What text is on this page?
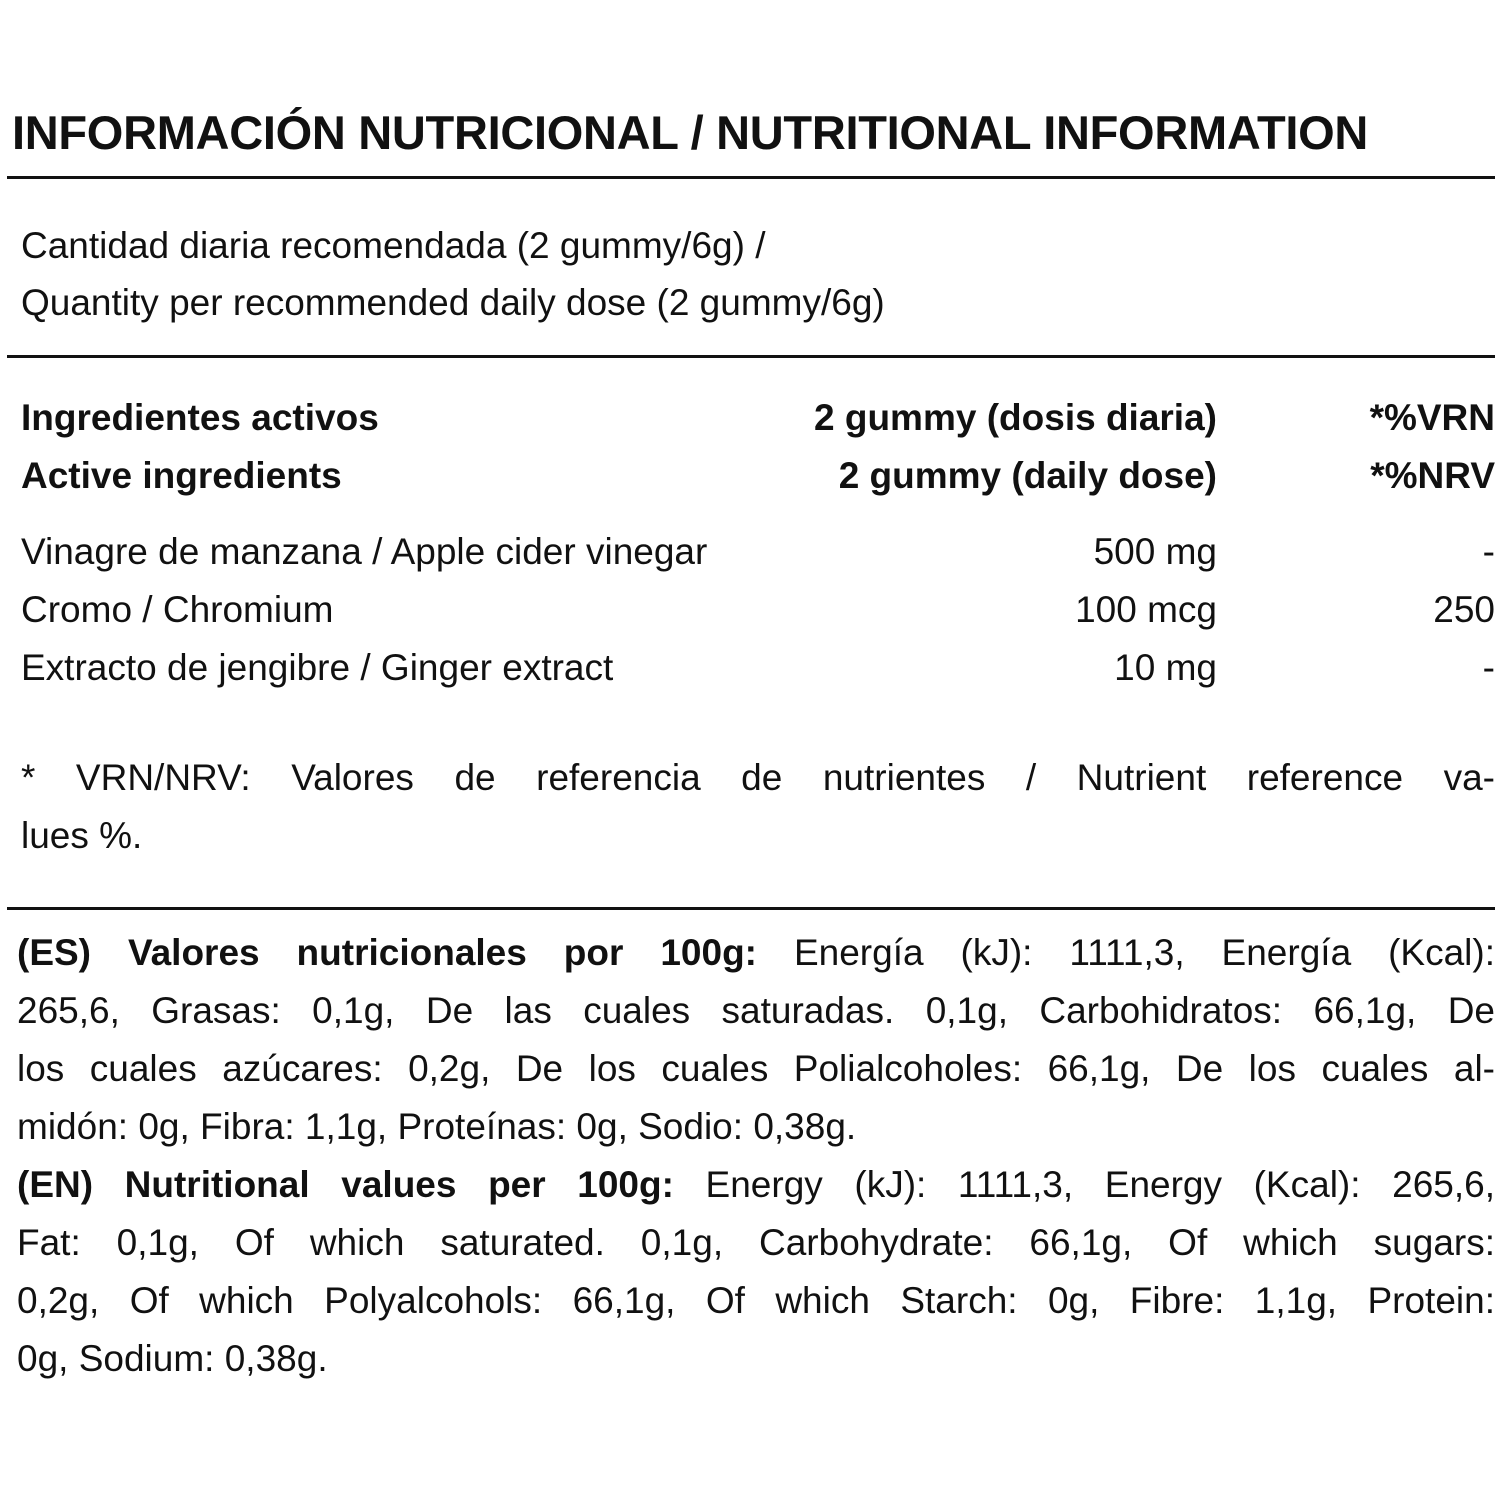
INFORMACIÓN NUTRICIONAL / NUTRITIONAL INFORMATION
Cantidad diaria recomendada (2 gummy/6g) /
Quantity per recommended daily dose (2 gummy/6g)
Ingredientes activos	2 gummy (dosis diaria)	*%VRN
Active ingredients	2 gummy (daily dose)	*%NRV
Vinagre de manzana / Apple cider vinegar	500 mg	-
Cromo / Chromium	100 mcg	250
Extracto de jengibre / Ginger extract	10 mg	-
* VRN/NRV: Valores de referencia de nutrientes / Nutrient reference va-
lues %.
(ES) Valores nutricionales por 100g: Energía (kJ): 1111,3, Energía (Kcal):
265,6, Grasas: 0,1g, De las cuales saturadas. 0,1g, Carbohidratos: 66,1g, De
los cuales azúcares: 0,2g, De los cuales Polialcoholes: 66,1g, De los cuales al-
midón: 0g, Fibra: 1,1g, Proteínas: 0g, Sodio: 0,38g.
(EN) Nutritional values per 100g: Energy (kJ): 1111,3, Energy (Kcal): 265,6,
Fat: 0,1g, Of which saturated. 0,1g, Carbohydrate: 66,1g, Of which sugars:
0,2g, Of which Polyalcohols: 66,1g, Of which Starch: 0g, Fibre: 1,1g, Protein:
0g, Sodium: 0,38g.
